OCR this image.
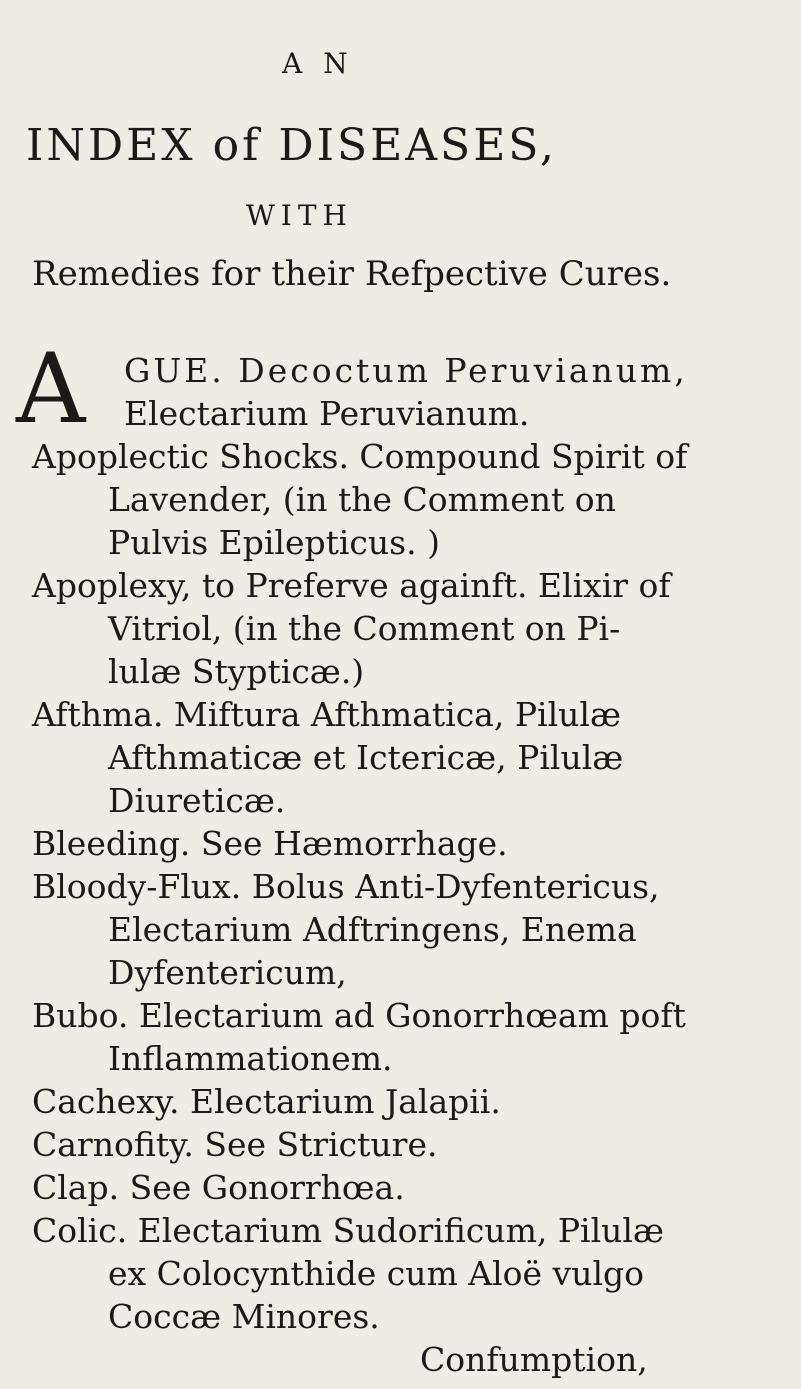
A N
INDEX of DISEASES,
WITH
Remedies for their Refpective Cures.
A GUE. Decoctum Peruvianum,
Electarium Peruvianum.
Apoplectic Shocks. Compound Spirit of
Lavender, (in the Comment on
Pulvis Epilepticus. )
Apoplexy, to Preferve againft. Elixir of
Vitriol, (in the Comment on Pi-
lulæ Stypticæ.)
Afthma. Miftura Afthmatica, Pilulæ
Afthmaticæ et Ictericæ, Pilulæ
Diureticæ.
Bleeding. See Hæmorrhage.
Bloody-Flux. Bolus Anti-Dyfentericus,
Electarium Adftringens, Enema
Dyfentericum,
Bubo. Electarium ad Gonorrhœam poft
Inflammationem.
Cachexy. Electarium Jalapii.
Carnofity. See Stricture.
Clap. See Gonorrhœa.
Colic. Electarium Sudorificum, Pilulæ
ex Colocynthide cum Aloë vulgo
Coccæ Minores.
Confumption,
